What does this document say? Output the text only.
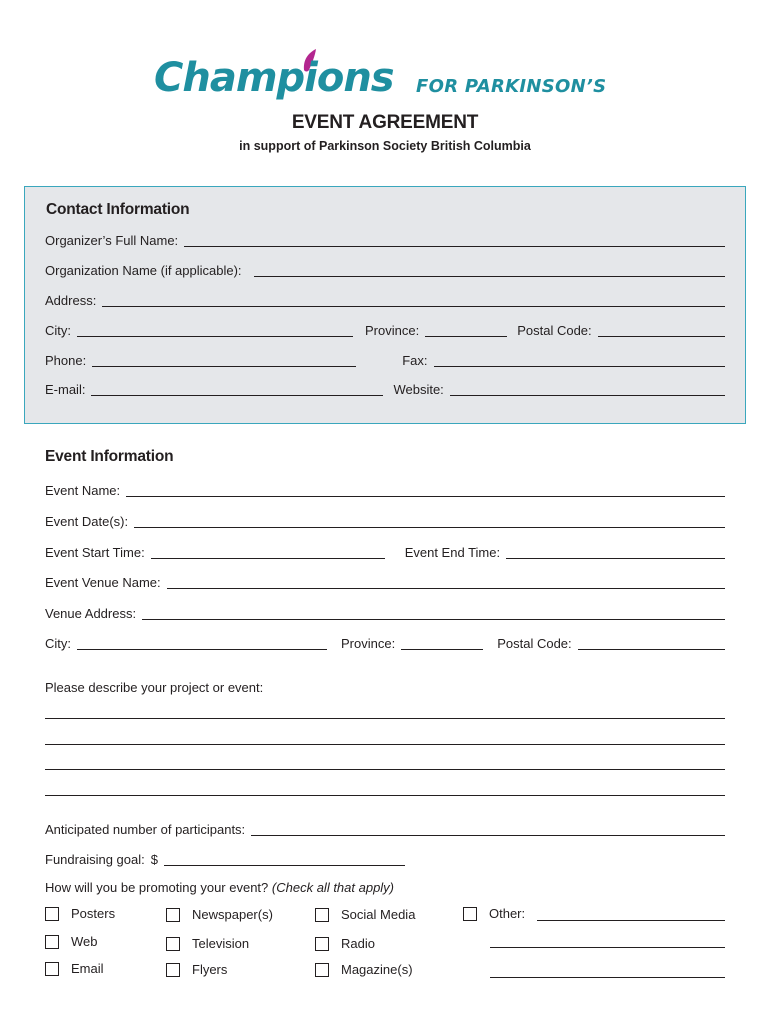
Champions FOR PARKINSON’S
EVENT AGREEMENT
in support of Parkinson Society British Columbia
Contact Information
Organizer’s Full Name:
Organization Name (if applicable):
Address:
City:	Province:	Postal Code:
Phone:	Fax:
E-mail:	Website:
Event Information
Event Name:
Event Date(s):
Event Start Time:	Event End Time:
Event Venue Name:
Venue Address:
City:	Province:	Postal Code:
Please describe your project or event:
Anticipated number of participants:
Fundraising goal: $
How will you be promoting your event? (Check all that apply)
Posters
Web
Email
Newspaper(s)
Television
Flyers
Social Media
Radio
Magazine(s)
Other:
